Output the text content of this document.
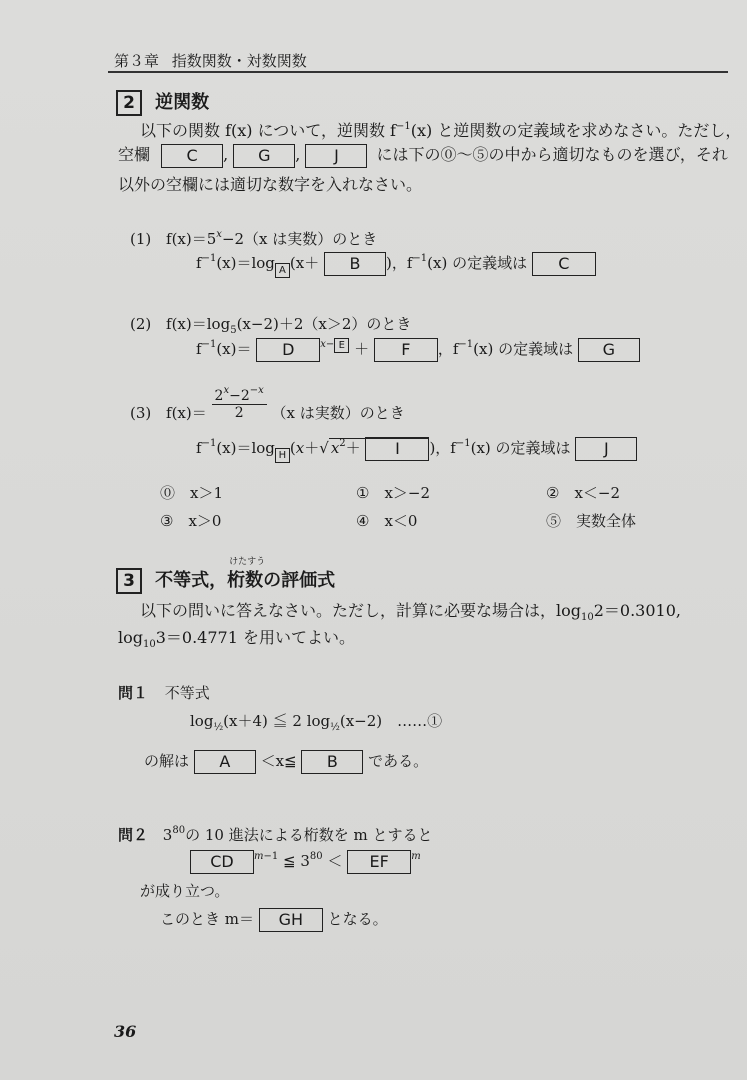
第３章 指数関数・対数関数
2 逆関数
以下の関数 f(x) について，逆関数 $f^{-1}(x)$ と逆関数の定義域を求めなさい。ただし，
空欄 C , G , J には下の⓪～⑤の中から適切なものを選び，それ
以外の空欄には適切な数字を入れなさい。
(1) $f(x)=5^x-2(x$ は実数）のとき
$f^{-1}(x)=\log$ A (x＋ B )，$f^{-1}(x)$ の定義域は C
(2) $f(x)=\log_5(x-2)+2(x>2)$のとき
$f^{-1}(x)= D$	$^{x-}$ E ＋ F ，$f^{-1}(x)$ の定義域は G
(3) $f(x)= \frac{2^x-2^{-x}}{2} (x$ は実数）のとき
$f^{-1}(x)=\log$ H (x＋√ $x^2+ I$ )，$f^{-1}(x)$ の定義域は J
⓪　x＞1	①　x＞−2	②　x＜−2
③　x＞0	④　x＜0	⑤　実数全体
3 不等式，
けたすう
桁数の評価式
以下の問いに答えなさい。ただし，計算に必要な場合は，$\log_{10}2=0.3010$,
$\log_{10}3=0.4771$ を用いてよい。
問１ 不等式
$\log_{\frac{1}{2}}(x+4)$ ≦ 2 $\log_{\frac{1}{2}}(x-2)$　……①
の解は A ＜x≦ B である。
問２ $3^{80}$の 10 進法による桁数を m とすると
CD $^{m-1}$ ≦ $3^{80}$ ＜ EF $^m$
が成り立つ。
このとき m＝ GH となる。
36
